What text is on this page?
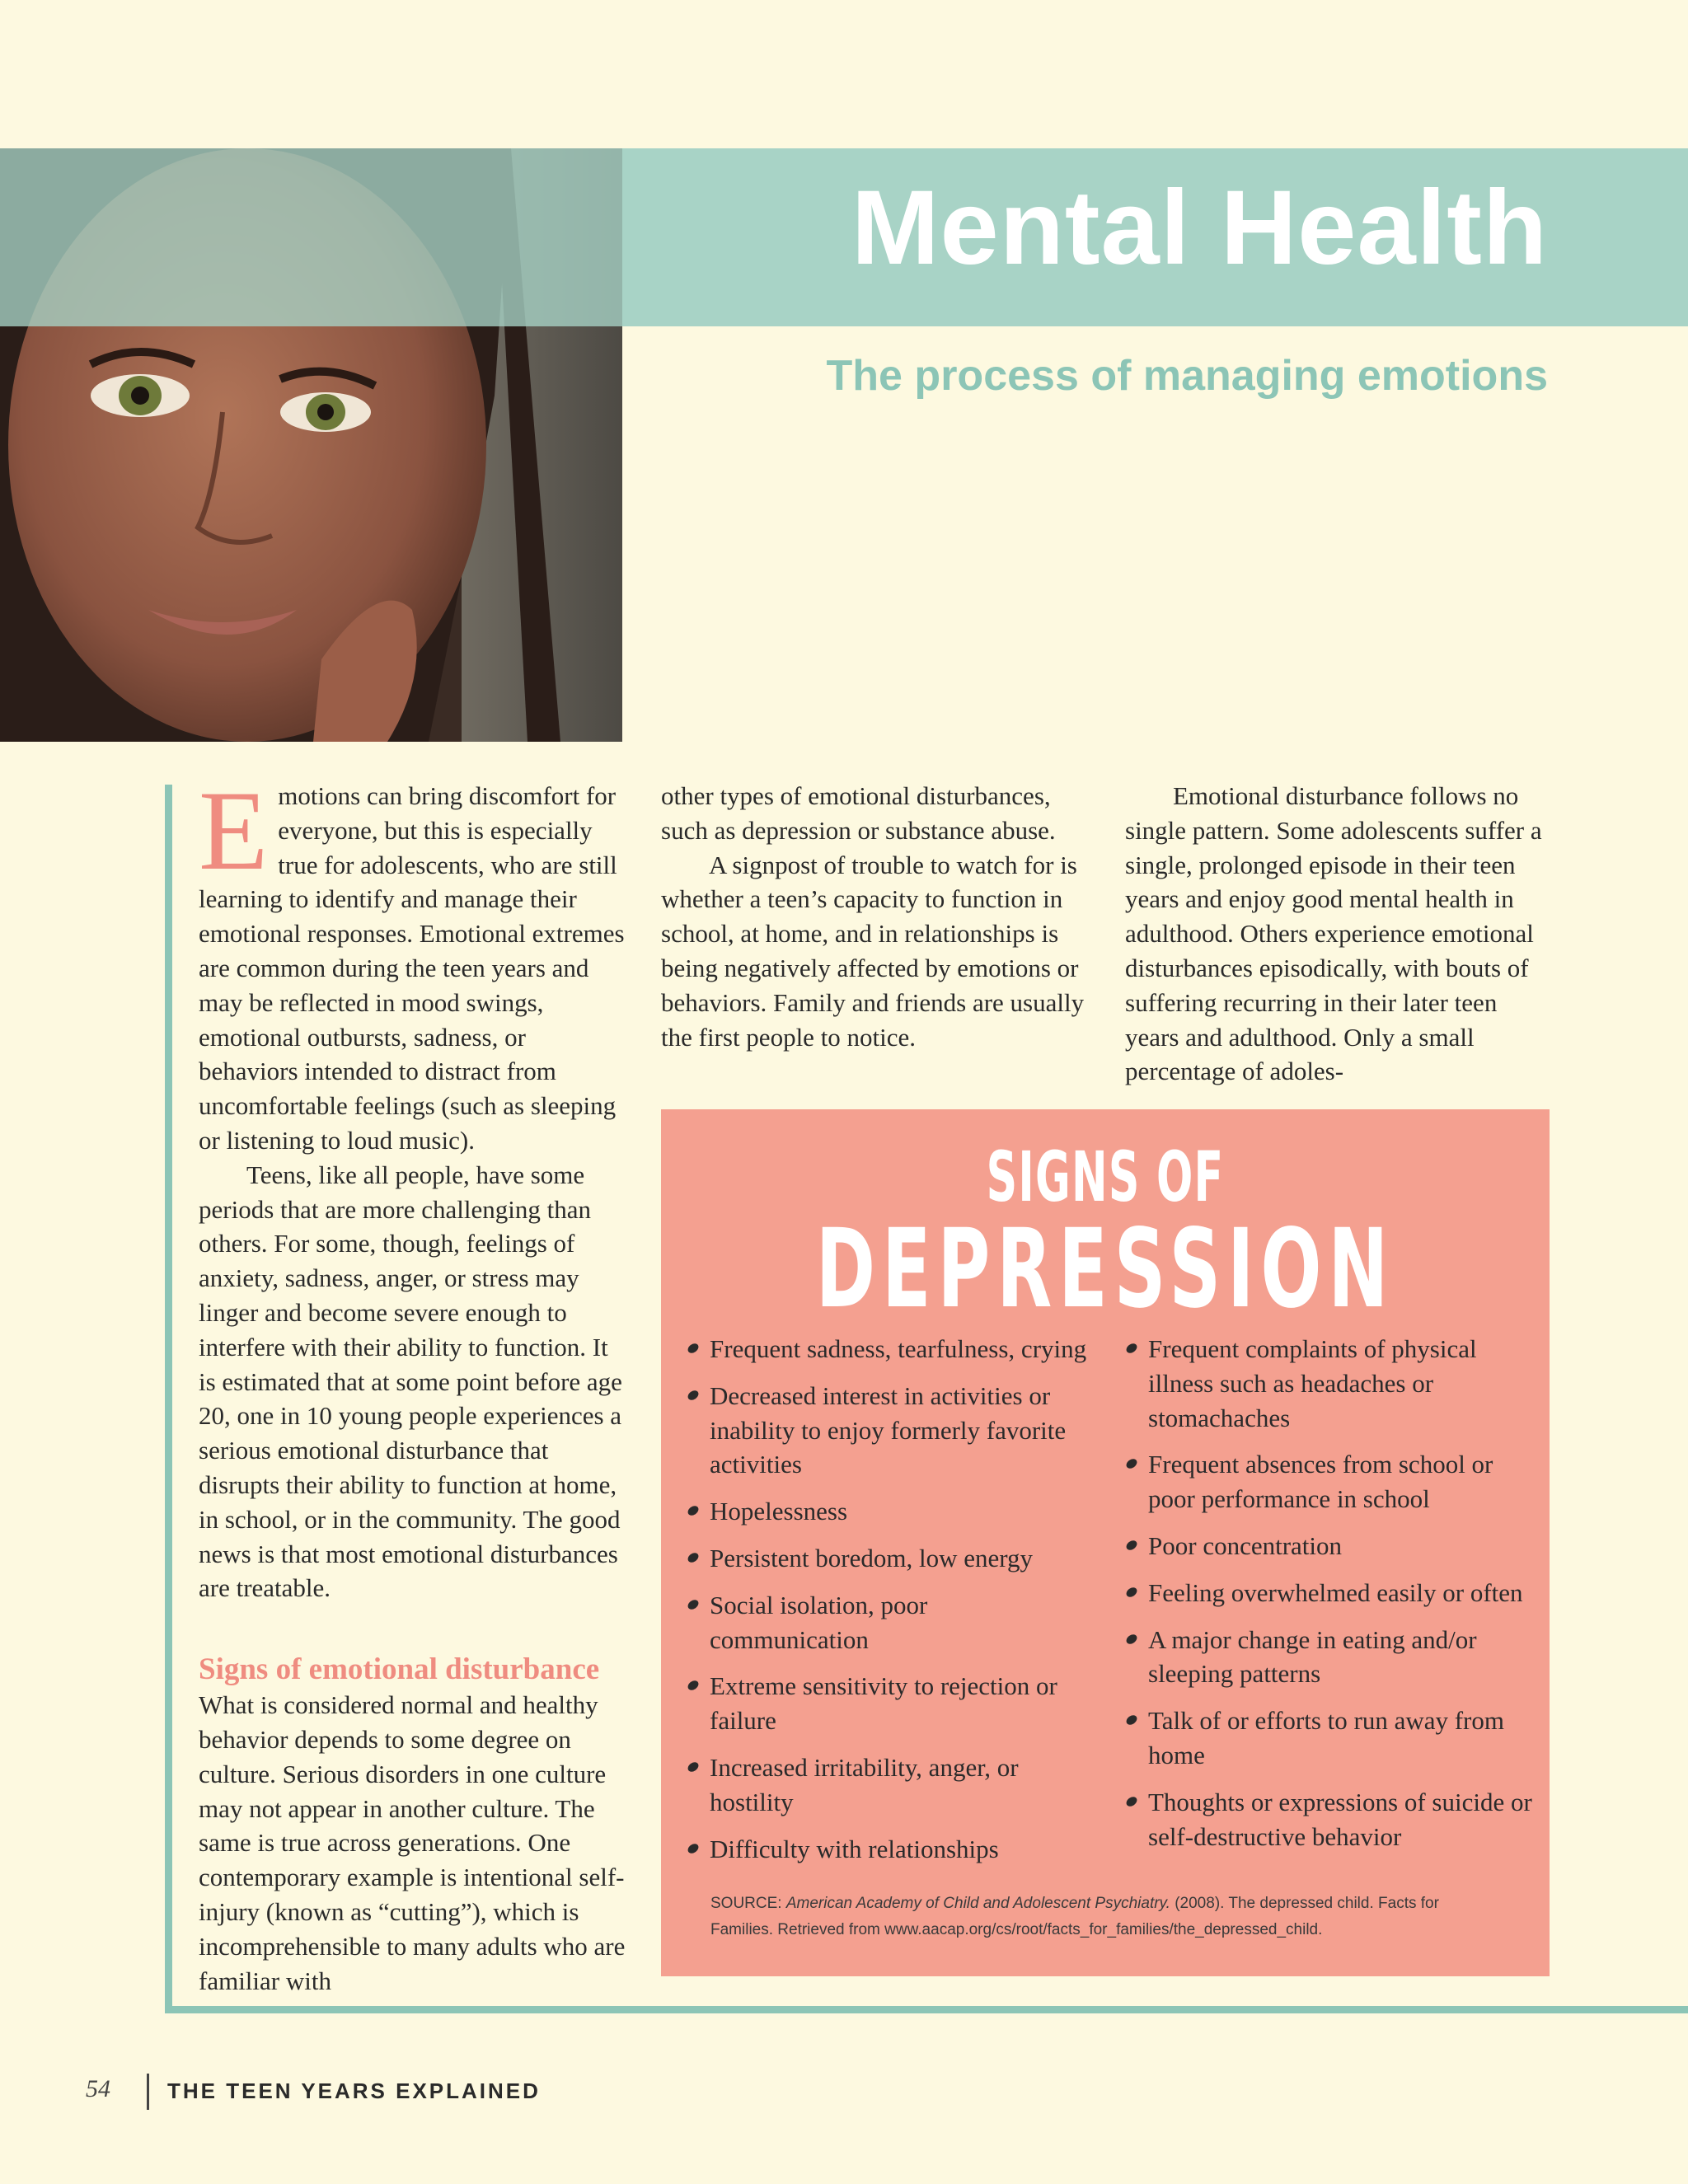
Mental Health
The process of managing emotions

Emotions can bring discomfort for everyone, but this is especially true for adolescents, who are still learning to identify and manage their emotional responses. Emotional extremes are common during the teen years and may be reflected in mood swings, emotional outbursts, sadness, or behaviors intended to distract from uncomfortable feelings (such as sleeping or listening to loud music).

Teens, like all people, have some periods that are more challenging than others. For some, though, feelings of anxiety, sadness, anger, or stress may linger and become severe enough to interfere with their ability to function. It is estimated that at some point before age 20, one in 10 young people experiences a serious emotional disturbance that disrupts their ability to function at home, in school, or in the community. The good news is that most emotional disturbances are treatable.

Signs of emotional disturbance

What is considered normal and healthy behavior depends to some degree on culture. Serious disorders in one culture may not appear in another culture. The same is true across generations. One contemporary example is intentional self-injury (known as “cutting”), which is incomprehensible to many adults who are familiar with

other types of emotional disturbances, such as depression or substance abuse.

A signpost of trouble to watch for is whether a teen’s capacity to function in school, at home, and in relationships is being negatively affected by emotions or behaviors. Family and friends are usually the first people to notice.

Emotional disturbance follows no single pattern. Some adolescents suffer a single, prolonged episode in their teen years and enjoy good mental health in adulthood. Others experience emotional disturbances episodically, with bouts of suffering recurring in their later teen years and adulthood. Only a small percentage of adoles-

SIGNS OF
DEPRESSION
Frequent sadness, tearfulness, crying
Decreased interest in activities or inability to enjoy formerly favorite activities
Hopelessness
Persistent boredom, low energy
Social isolation, poor communication
Extreme sensitivity to rejection or failure
Increased irritability, anger, or hostility
Difficulty with relationships
Frequent complaints of physical illness such as headaches or stomachaches
Frequent absences from school or poor performance in school
Poor concentration
Feeling overwhelmed easily or often
A major change in eating and/or sleeping patterns
Talk of or efforts to run away from home
Thoughts or expressions of suicide or self-destructive behavior
SOURCE: American Academy of Child and Adolescent Psychiatry. (2008). The depressed child. Facts for Families. Retrieved from www.aacap.org/cs/root/facts_for_families/the_depressed_child.
54	THE TEEN YEARS EXPLAINED
